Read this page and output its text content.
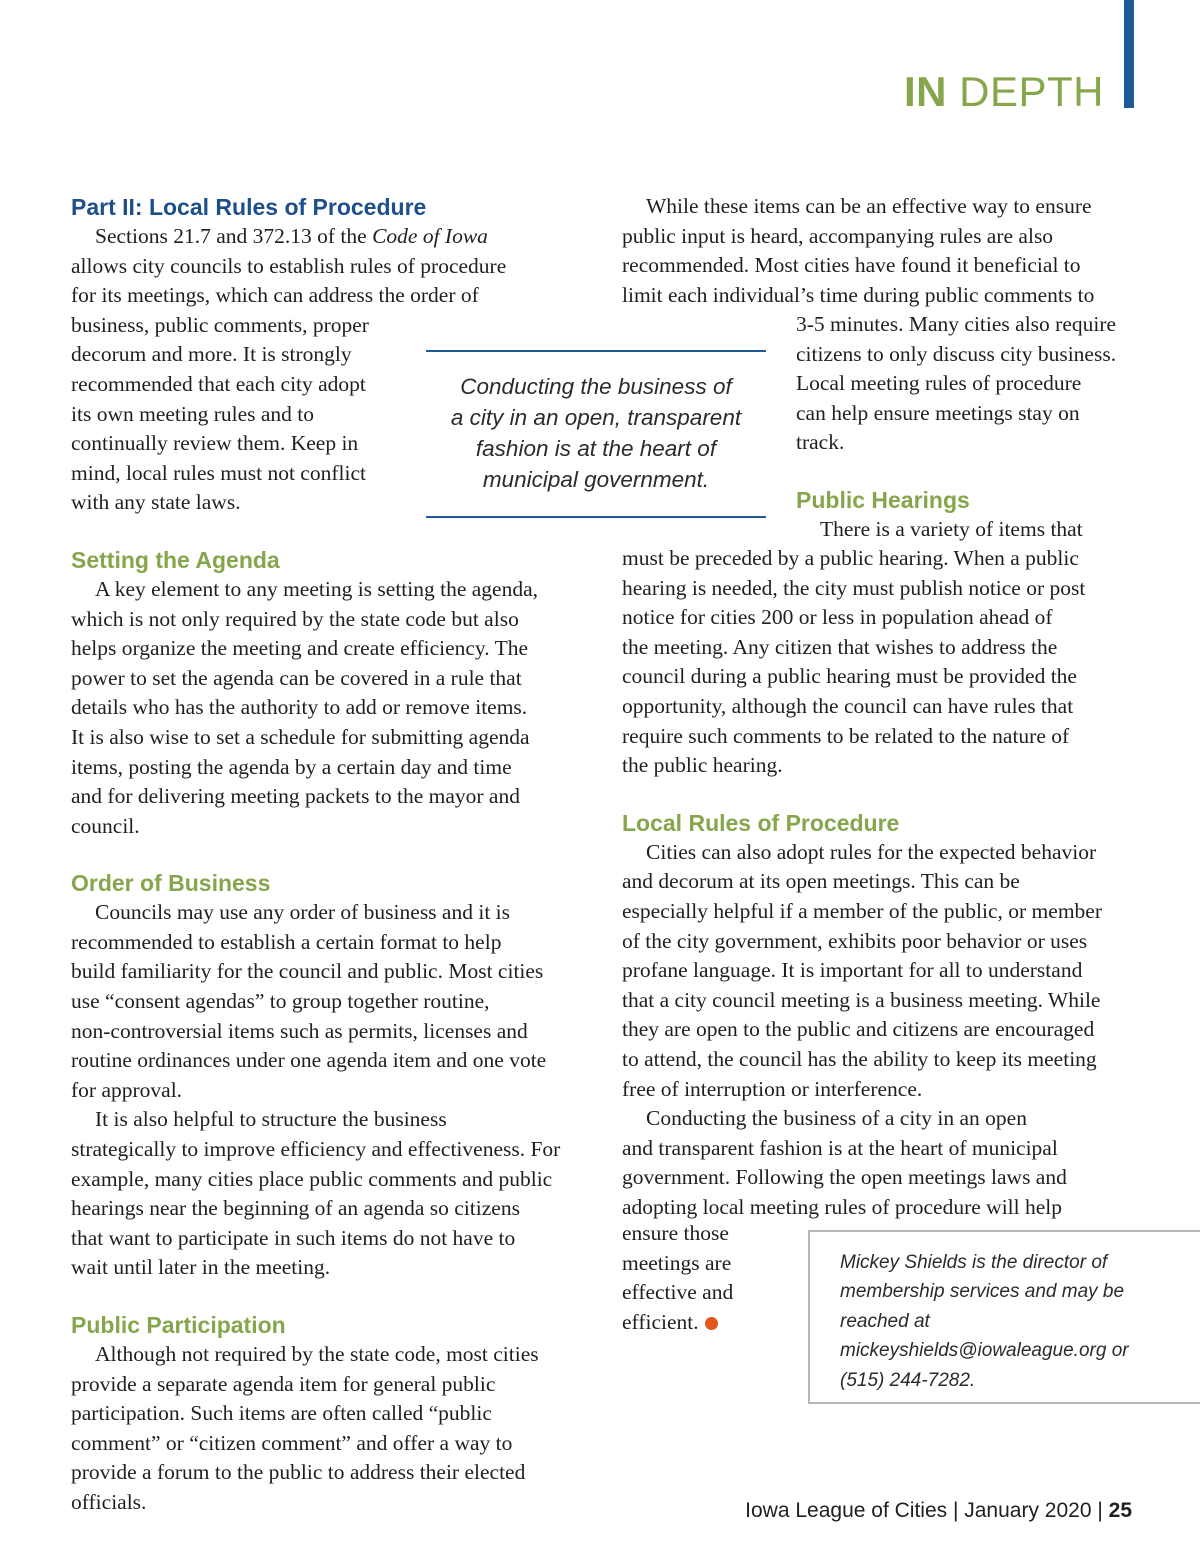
IN DEPTH
Part II: Local Rules of Procedure
Sections 21.7 and 372.13 of the Code of Iowa
allows city councils to establish rules of procedure
for its meetings, which can address the order of
business, public comments, proper
decorum and more. It is strongly
recommended that each city adopt
its own meeting rules and to
continually review them. Keep in
mind, local rules must not conflict
with any state laws.
Setting the Agenda
A key element to any meeting is setting the agenda,
which is not only required by the state code but also
helps organize the meeting and create efficiency. The
power to set the agenda can be covered in a rule that
details who has the authority to add or remove items.
It is also wise to set a schedule for submitting agenda
items, posting the agenda by a certain day and time
and for delivering meeting packets to the mayor and
council.
Order of Business
Councils may use any order of business and it is
recommended to establish a certain format to help
build familiarity for the council and public. Most cities
use “consent agendas” to group together routine,
non-controversial items such as permits, licenses and
routine ordinances under one agenda item and one vote
for approval.
It is also helpful to structure the business
strategically to improve efficiency and effectiveness. For
example, many cities place public comments and public
hearings near the beginning of an agenda so citizens
that want to participate in such items do not have to
wait until later in the meeting.
Public Participation
Although not required by the state code, most cities
provide a separate agenda item for general public
participation. Such items are often called “public
comment” or “citizen comment” and offer a way to
provide a forum to the public to address their elected
officials.
While these items can be an effective way to ensure
public input is heard, accompanying rules are also
recommended. Most cities have found it beneficial to
limit each individual’s time during public comments to
3-5 minutes. Many cities also require
citizens to only discuss city business.
Local meeting rules of procedure
can help ensure meetings stay on
track.
Public Hearings
There is a variety of items that
must be preceded by a public hearing. When a public
hearing is needed, the city must publish notice or post
notice for cities 200 or less in population ahead of
the meeting. Any citizen that wishes to address the
council during a public hearing must be provided the
opportunity, although the council can have rules that
require such comments to be related to the nature of
the public hearing.
Local Rules of Procedure
Cities can also adopt rules for the expected behavior
and decorum at its open meetings. This can be
especially helpful if a member of the public, or member
of the city government, exhibits poor behavior or uses
profane language. It is important for all to understand
that a city council meeting is a business meeting. While
they are open to the public and citizens are encouraged
to attend, the council has the ability to keep its meeting
free of interruption or interference.
Conducting the business of a city in an open
and transparent fashion is at the heart of municipal
government. Following the open meetings laws and
adopting local meeting rules of procedure will help
ensure those
meetings are
effective and
efficient.
Conducting the business of
a city in an open, transparent
fashion is at the heart of
municipal government.
Mickey Shields is the director of
membership services and may be
reached at
mickeyshields@iowaleague.org or
(515) 244-7282.
Iowa League of Cities | January 2020 | 25
